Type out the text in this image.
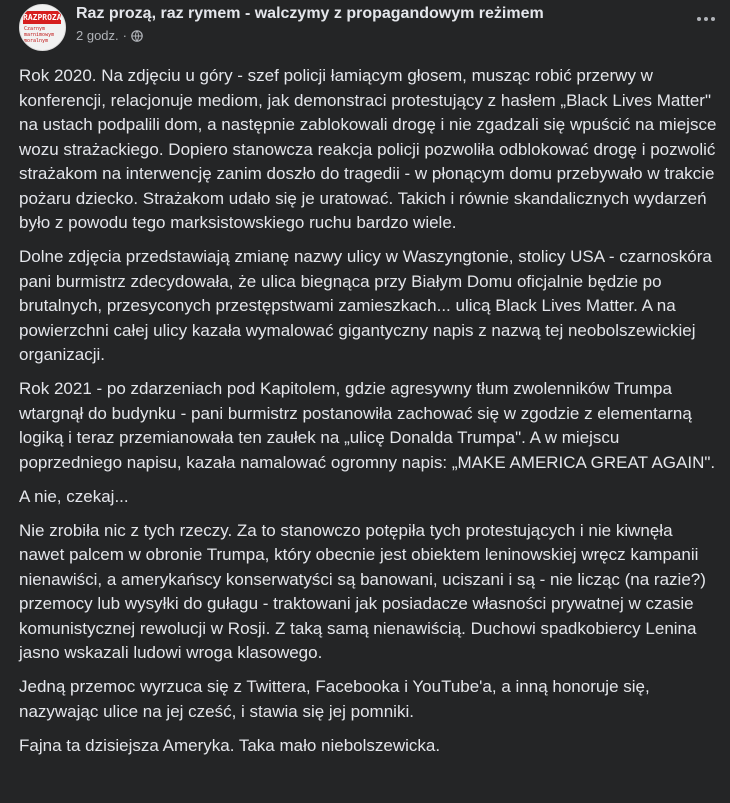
RAZPROZA
Czarnym marnimowym moralnym
Raz prozą, raz rymem - walczymy z propagandowym reżimem
2 godz. ·

Rok 2020. Na zdjęciu u góry - szef policji łamiącym głosem, musząc robić przerwy w konferencji, relacjonuje mediom, jak demonstraci protestujący z hasłem „Black Lives Matter" na ustach podpalili dom, a następnie zablokowali drogę i nie zgadzali się wpuścić na miejsce wozu strażackiego. Dopiero stanowcza reakcja policji pozwoliła odblokować drogę i pozwolić strażakom na interwencję zanim doszło do tragedii - w płonącym domu przebywało w trakcie pożaru dziecko. Strażakom udało się je uratować. Takich i równie skandalicznych wydarzeń było z powodu tego marksistowskiego ruchu bardzo wiele.

Dolne zdjęcia przedstawiają zmianę nazwy ulicy w Waszyngtonie, stolicy USA - czarnoskóra pani burmistrz zdecydowała, że ulica biegnąca przy Białym Domu oficjalnie będzie po brutalnych, przesyconych przestępstwami zamieszkach... ulicą Black Lives Matter. A na powierzchni całej ulicy kazała wymalować gigantyczny napis z nazwą tej neobolszewickiej organizacji.

Rok 2021 - po zdarzeniach pod Kapitolem, gdzie agresywny tłum zwolenników Trumpa wtargnął do budynku - pani burmistrz postanowiła zachować się w zgodzie z elementarną logiką i teraz przemianowała ten zaułek na „ulicę Donalda Trumpa". A w miejscu poprzedniego napisu, kazała namalować ogromny napis: „MAKE AMERICA GREAT AGAIN".

A nie, czekaj...

Nie zrobiła nic z tych rzeczy. Za to stanowczo potępiła tych protestujących i nie kiwnęła nawet palcem w obronie Trumpa, który obecnie jest obiektem leninowskiej wręcz kampanii nienawiści, a amerykańscy konserwatyści są banowani, uciszani i są - nie licząc (na razie?) przemocy lub wysyłki do gułagu - traktowani jak posiadacze własności prywatnej w czasie komunistycznej rewolucji w Rosji. Z taką samą nienawiścią. Duchowi spadkobiercy Lenina jasno wskazali ludowi wroga klasowego.

Jedną przemoc wyrzuca się z Twittera, Facebooka i YouTube'a, a inną honoruje się, nazywając ulice na jej cześć, i stawia się jej pomniki.

Fajna ta dzisiejsza Ameryka. Taka mało niebolszewicka.
